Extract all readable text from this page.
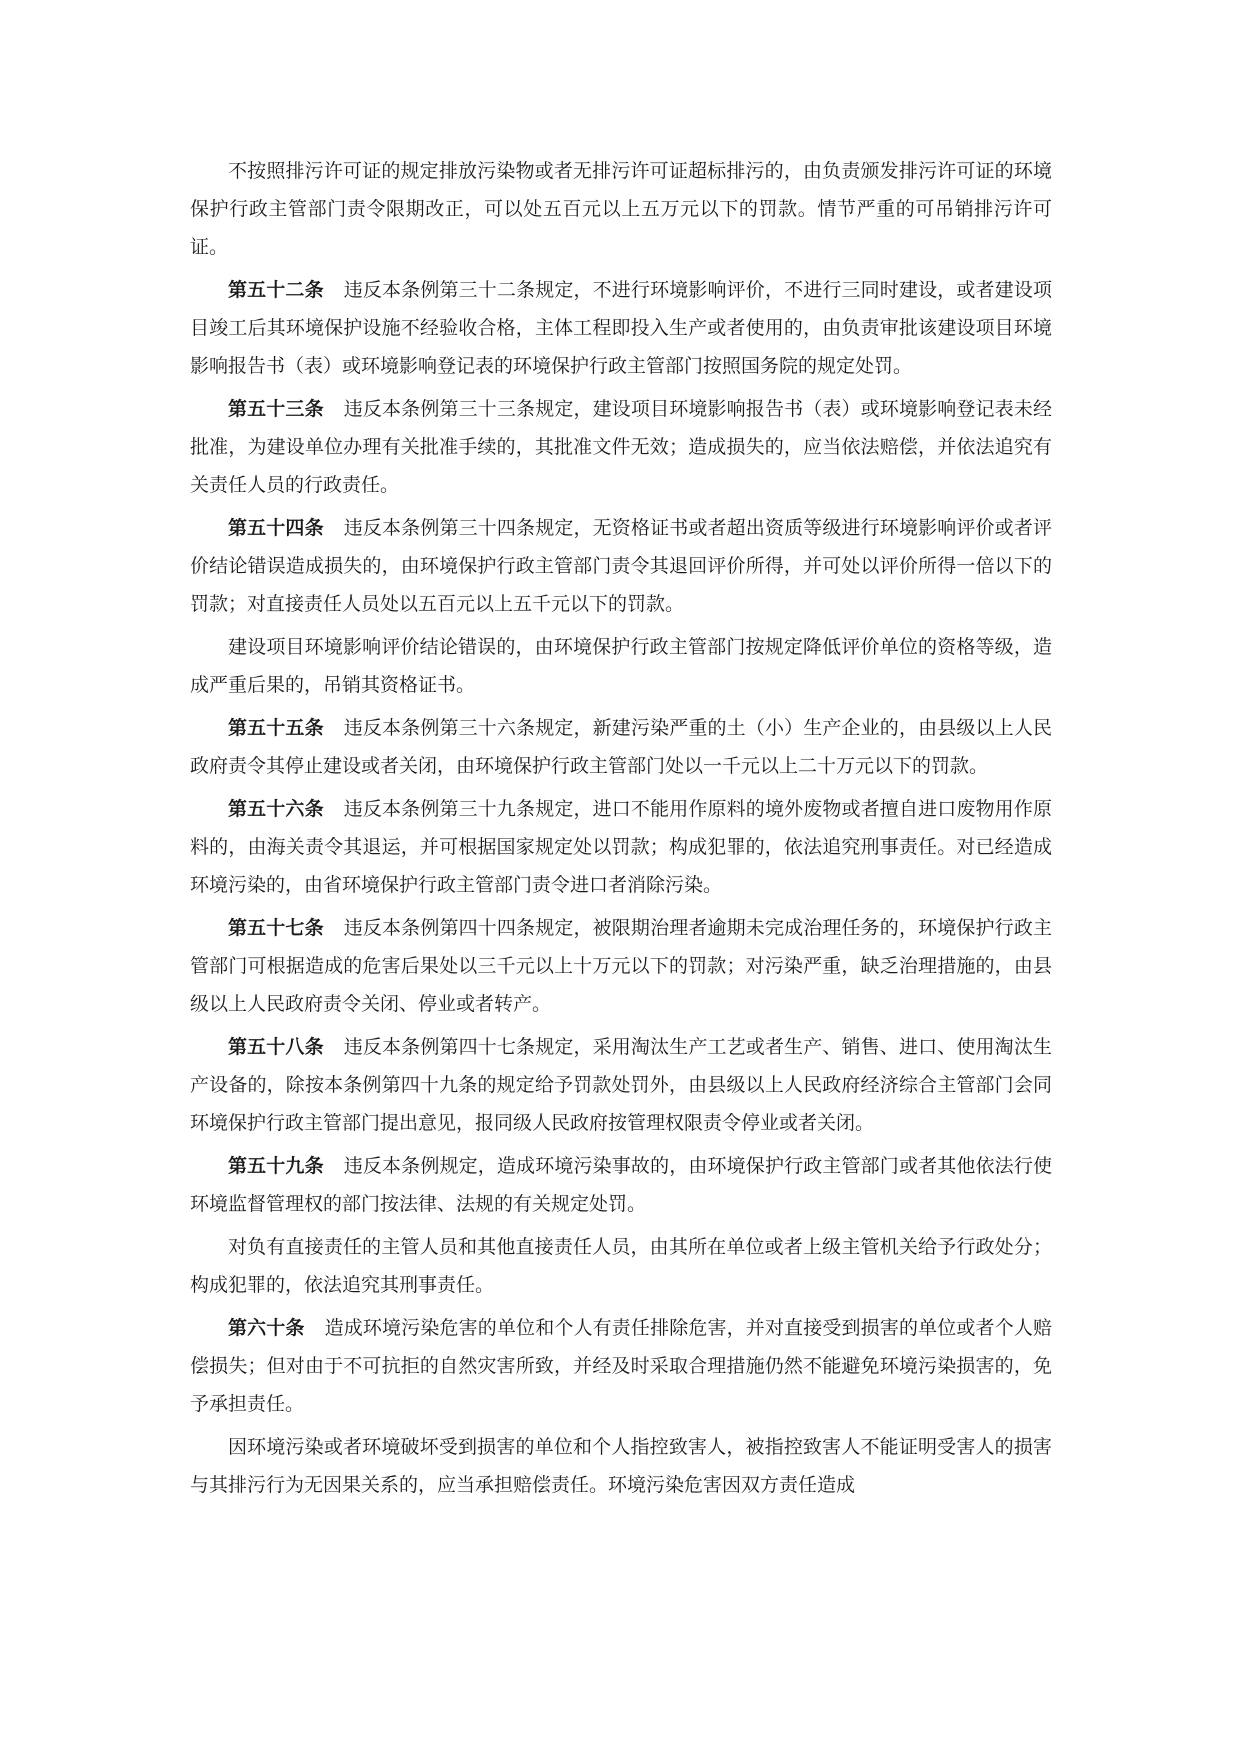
不按照排污许可证的规定排放污染物或者无排污许可证超标排污的，由负责颁发排污许可证的环境保护行政主管部门责令限期改正，可以处五百元以上五万元以下的罚款。情节严重的可吊销排污许可证。

第五十二条 违反本条例第三十二条规定，不进行环境影响评价，不进行三同时建设，或者建设项目竣工后其环境保护设施不经验收合格，主体工程即投入生产或者使用的，由负责审批该建设项目环境影响报告书（表）或环境影响登记表的环境保护行政主管部门按照国务院的规定处罚。

第五十三条 违反本条例第三十三条规定，建设项目环境影响报告书（表）或环境影响登记表未经批准，为建设单位办理有关批准手续的，其批准文件无效；造成损失的，应当依法赔偿，并依法追究有关责任人员的行政责任。

第五十四条 违反本条例第三十四条规定，无资格证书或者超出资质等级进行环境影响评价或者评价结论错误造成损失的，由环境保护行政主管部门责令其退回评价所得，并可处以评价所得一倍以下的罚款；对直接责任人员处以五百元以上五千元以下的罚款。

建设项目环境影响评价结论错误的，由环境保护行政主管部门按规定降低评价单位的资格等级，造成严重后果的，吊销其资格证书。

第五十五条 违反本条例第三十六条规定，新建污染严重的土（小）生产企业的，由县级以上人民政府责令其停止建设或者关闭，由环境保护行政主管部门处以一千元以上二十万元以下的罚款。

第五十六条 违反本条例第三十九条规定，进口不能用作原料的境外废物或者擅自进口废物用作原料的，由海关责令其退运，并可根据国家规定处以罚款；构成犯罪的，依法追究刑事责任。对已经造成环境污染的，由省环境保护行政主管部门责令进口者消除污染。

第五十七条 违反本条例第四十四条规定，被限期治理者逾期未完成治理任务的，环境保护行政主管部门可根据造成的危害后果处以三千元以上十万元以下的罚款；对污染严重，缺乏治理措施的，由县级以上人民政府责令关闭、停业或者转产。

第五十八条 违反本条例第四十七条规定，采用淘汰生产工艺或者生产、销售、进口、使用淘汰生产设备的，除按本条例第四十九条的规定给予罚款处罚外，由县级以上人民政府经济综合主管部门会同环境保护行政主管部门提出意见，报同级人民政府按管理权限责令停业或者关闭。

第五十九条 违反本条例规定，造成环境污染事故的，由环境保护行政主管部门或者其他依法行使环境监督管理权的部门按法律、法规的有关规定处罚。

对负有直接责任的主管人员和其他直接责任人员，由其所在单位或者上级主管机关给予行政处分；构成犯罪的，依法追究其刑事责任。

第六十条 造成环境污染危害的单位和个人有责任排除危害，并对直接受到损害的单位或者个人赔偿损失；但对由于不可抗拒的自然灾害所致，并经及时采取合理措施仍然不能避免环境污染损害的，免予承担责任。

因环境污染或者环境破坏受到损害的单位和个人指控致害人，被指控致害人不能证明受害人的损害与其排污行为无因果关系的，应当承担赔偿责任。环境污染危害因双方责任造成
